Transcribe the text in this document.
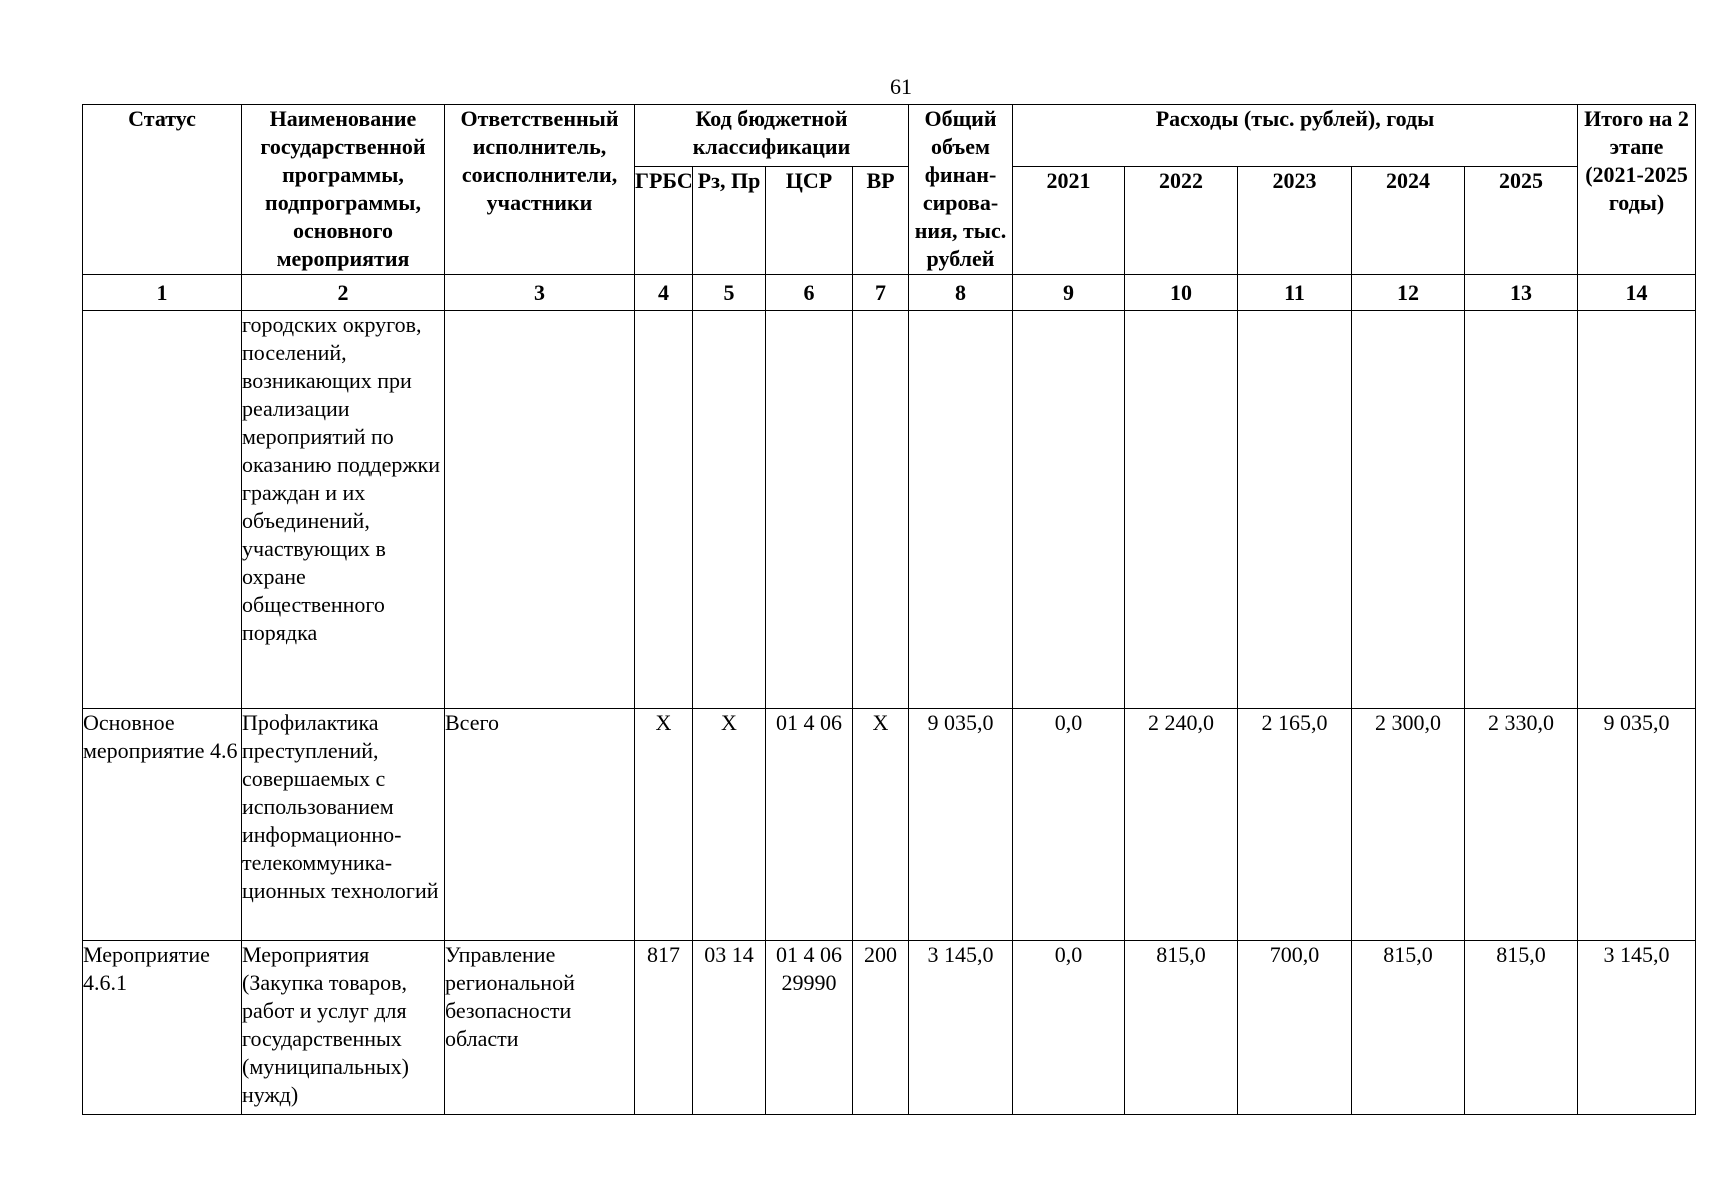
61
Статус	Наименование государственной программы, подпрограммы, основного мероприятия	Ответственный исполнитель, соисполнители, участники	Код бюджетной классификации				Общий объем финан-сирова-ния, тыс. рублей	Расходы (тыс. рублей), годы					Итого на 2 этапе (2021-2025 годы)
			ГРБС	Рз, Пр	ЦСР	ВР		2021	2022	2023	2024	2025	
1	2	3	4	5	6	7	8	9	10	11	12	13	14
	городских округов, поселений, возникающих при реализации мероприятий по оказанию поддержки граждан и их объединений, участвующих в охране общественного порядка												
Основное мероприятие 4.6	Профилактика преступлений, совершаемых с использованием информационно-телекоммуника-ционных технологий	Всего	Х	Х	01 4 06	Х	9 035,0	0,0	2 240,0	2 165,0	2 300,0	2 330,0	9 035,0
Мероприятие 4.6.1	Мероприятия (Закупка товаров, работ и услуг для государственных (муниципальных) нужд)	Управление региональной безопасности области	817	03 14	01 4 06 29990	200	3 145,0	0,0	815,0	700,0	815,0	815,0	3 145,0
